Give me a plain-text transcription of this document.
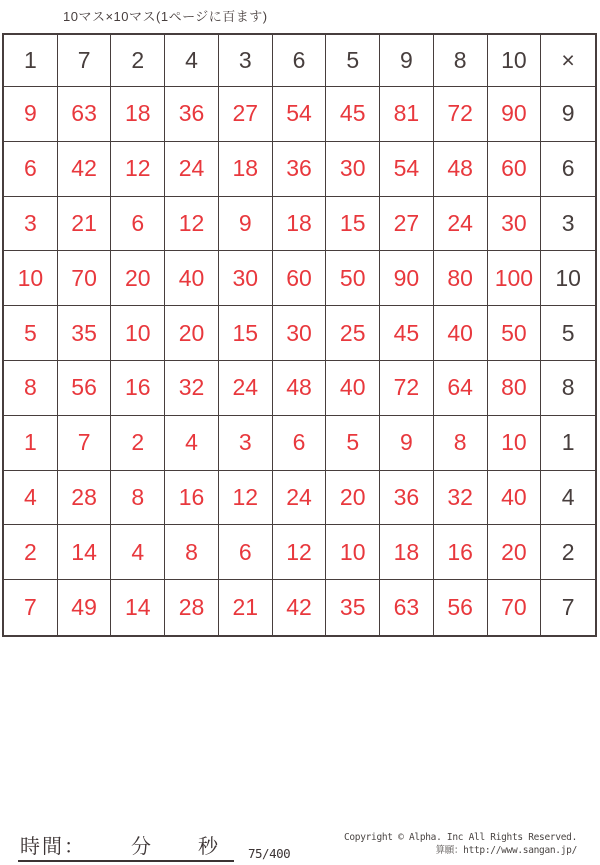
10マス×10マス(1ページに百ます)
1	7	2	4	3	6	5	9	8	10	×
9	63	18	36	27	54	45	81	72	90	9
6	42	12	24	18	36	30	54	48	60	6
3	21	6	12	9	18	15	27	24	30	3
10	70	20	40	30	60	50	90	80 100 10
5	35	10	20	15	30	25	45	40	50	5
8	56	16	32	24	48	40	72	64	80	8
1	7	2	4	3	6	5	9	8	10	1
4	28	8	16	12	24	20	36	32	40	4
2	14	4	8	6	12	10	18	16	20	2
7	49	14	28	21	42	35	63	56	70	7
時間： 分 秒 75/400
Copyright © Alpha. Inc All Rights Reserved.
算願：http://www.sangan.jp/
